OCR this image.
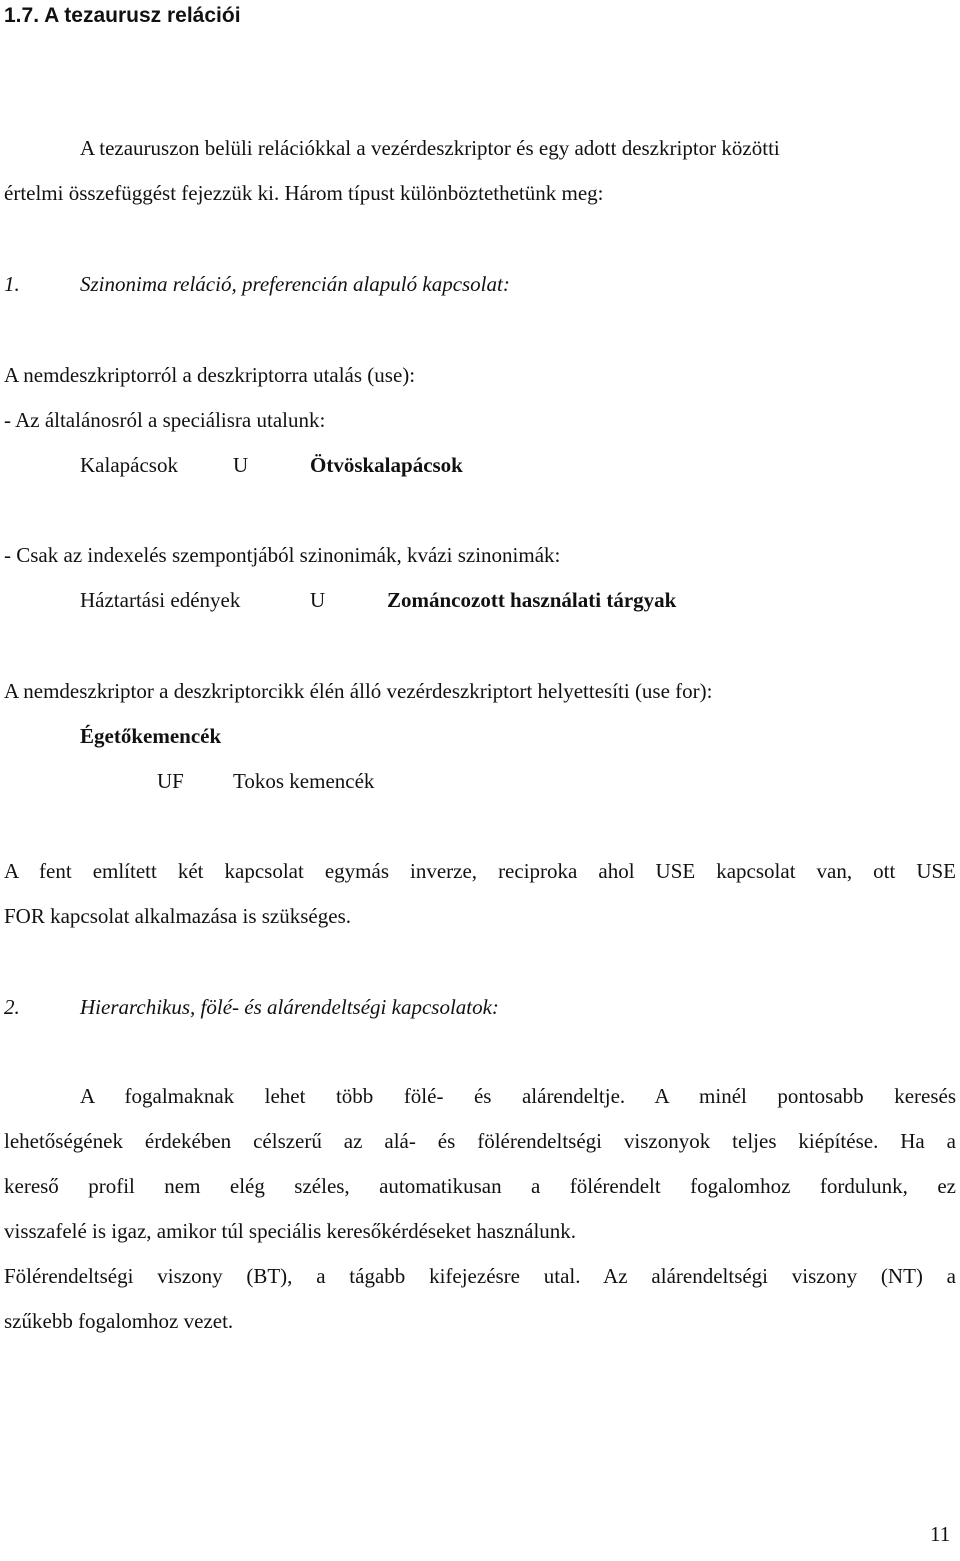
1.7. A tezaurusz relációi
A tezauruszon belüli relációkkal a vezérdeszkriptor és egy adott deszkriptor közötti
értelmi összefüggést fejezzük ki. Három típust különböztethetünk meg:
1.	Szinonima reláció, preferencián alapuló kapcsolat:
A nemdeszkriptorról a deszkriptorra utalás (use):
- Az általánosról a speciálisra utalunk:
Kalapácsok	U	Ötvöskalapácsok
- Csak az indexelés szempontjából szinonimák, kvázi szinonimák:
Háztartási edények	U	Zománcozott használati tárgyak
A nemdeszkriptor a deszkriptorcikk élén álló vezérdeszkriptort helyettesíti (use for):
Égetőkemencék
UF Tokos kemencék
A fent említett két kapcsolat egymás inverze, reciproka ahol USE kapcsolat van, ott USE
FOR kapcsolat alkalmazása is szükséges.
2.	Hierarchikus, fölé- és alárendeltségi kapcsolatok:
A fogalmaknak lehet több fölé- és alárendeltje. A minél pontosabb keresés
lehetőségének érdekében célszerű az alá- és fölérendeltségi viszonyok teljes kiépítése. Ha a
kereső profil nem elég széles, automatikusan a fölérendelt fogalomhoz fordulunk, ez
visszafelé is igaz, amikor túl speciális keresőkérdéseket használunk.
Fölérendeltségi viszony (BT), a tágabb kifejezésre utal. Az alárendeltségi viszony (NT) a
szűkebb fogalomhoz vezet.
11
